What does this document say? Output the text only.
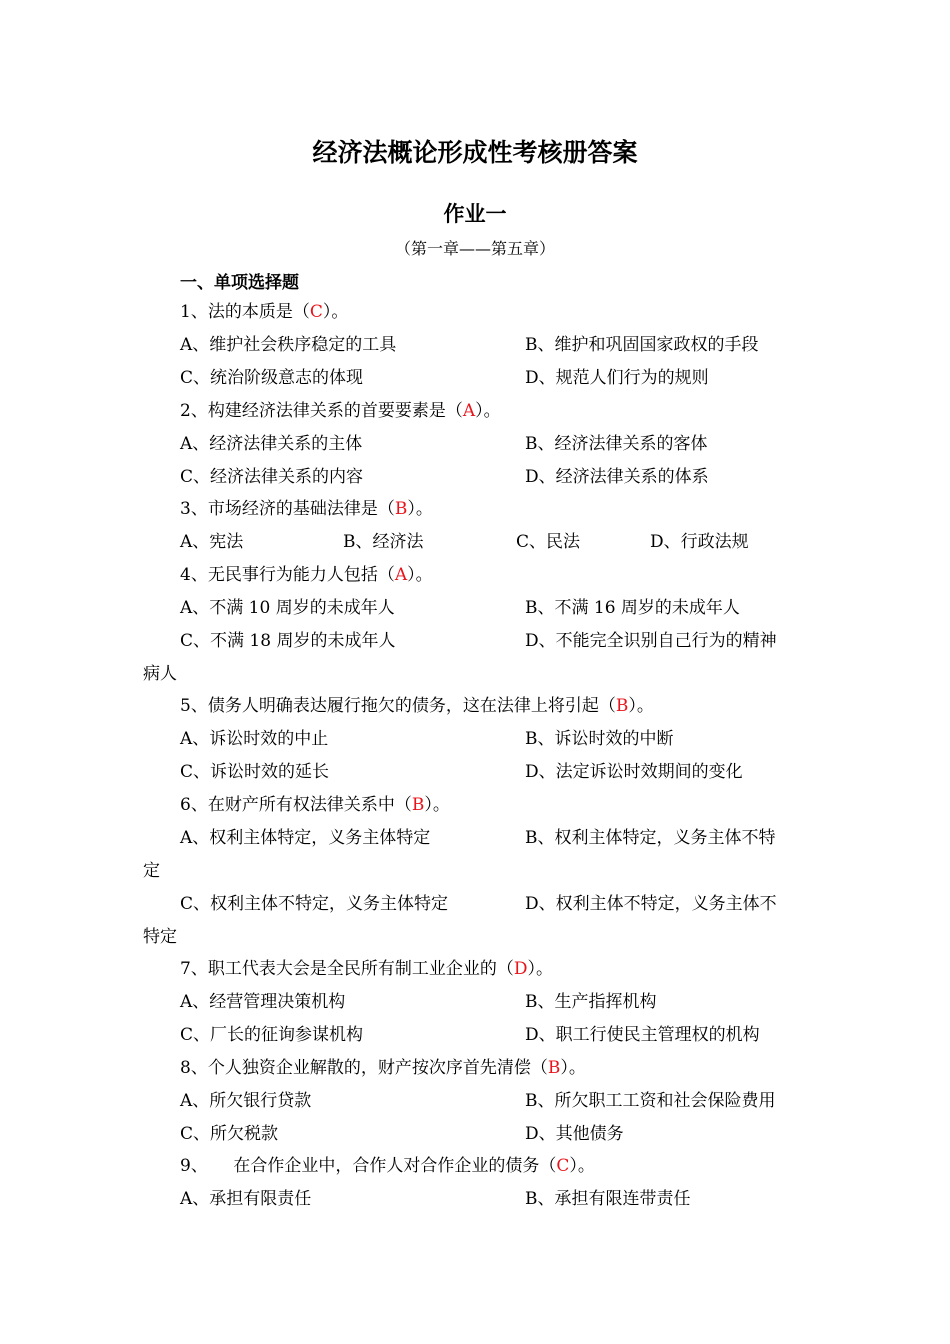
经济法概论形成性考核册答案
作业一
（第一章——第五章）
一、单项选择题
1、法的本质是（C）。
A、维护社会秩序稳定的工具	B、维护和巩固国家政权的手段
C、统治阶级意志的体现	D、规范人们行为的规则
2、构建经济法律关系的首要要素是（A）。
A、经济法律关系的主体	B、经济法律关系的客体
C、经济法律关系的内容	D、经济法律关系的体系
3、市场经济的基础法律是（B）。
A、宪法	B、经济法	C、民法	D、行政法规
4、无民事行为能力人包括（A）。
A、不满 10 周岁的未成年人	B、不满 16 周岁的未成年人
C、不满 18 周岁的未成年人	D、不能完全识别自己行为的精神
病人
5、债务人明确表达履行拖欠的债务，这在法律上将引起（B）。
A、诉讼时效的中止	B、诉讼时效的中断
C、诉讼时效的延长	D、法定诉讼时效期间的变化
6、在财产所有权法律关系中（B）。
A、权利主体特定，义务主体特定	B、权利主体特定，义务主体不特
定
C、权利主体不特定，义务主体特定	D、权利主体不特定，义务主体不
特定
7、职工代表大会是全民所有制工业企业的（D）。
A、经营管理决策机构	B、生产指挥机构
C、厂长的征询参谋机构	D、职工行使民主管理权的机构
8、个人独资企业解散的，财产按次序首先清偿（B）。
A、所欠银行贷款	B、所欠职工工资和社会保险费用
C、所欠税款	D、其他债务
9、　　在合作企业中，合作人对合作企业的债务（C）。
A、承担有限责任	B、承担有限连带责任
